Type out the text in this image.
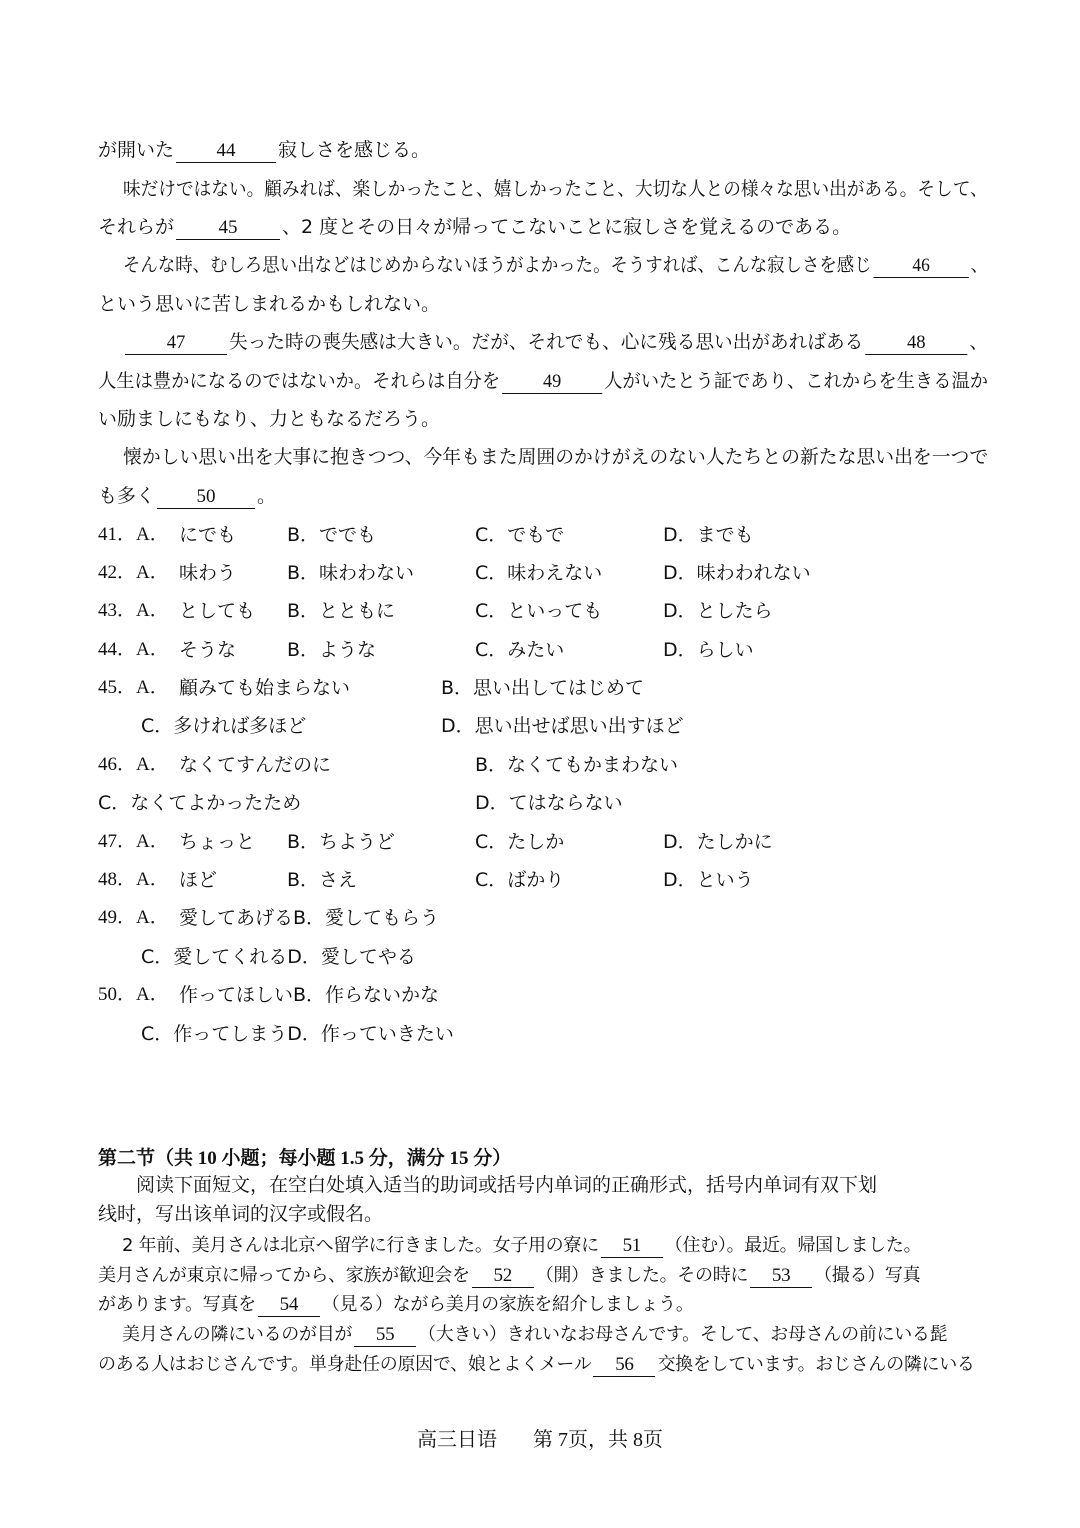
が開いた 44 寂しさを感じる。
味だけではない。顧みれば、楽しかったこと、嬉しかったこと、大切な人との様々な思い出がある。そして、
それらが 45 、2 度とその日々が帰ってこないことに寂しさを覚えるのである。
そんな時、むしろ思い出などはじめからないほうがよかった。そうすれば、こんな寂しさを感じ 46 、
という思いに苦しまれるかもしれない。
47 失った時の喪失感は大きい。だが、それでも、心に残る思い出があればある 48 、
人生は豊かになるのではないか。それらは自分を 49 人がいたとう証であり、これからを生きる温か
い励ましにもなり、力ともなるだろう。
懐かしい思い出を大事に抱きつつ、今年もまた周囲のかけがえのない人たちとの新たな思い出を一つで
も多く 50 。
41．A． にでも	B．ででも	C．でもで	D．までも
42．A． 味わう	B．味わわない	C．味わえない	D．味わわれない
43．A． としても B．とともに	C．といっても	D．としたら
44．A． そうな	B．ような	C．みたい	D．らしい
45．A． 顧みても始まらない	B．思い出してはじめて
C．多ければ多ほど	D．思い出せば思い出すほど
46．A． なくてすんだのに	B．なくてもかまわない
C．なくてよかったため	D．てはならない
47．A． ちょっと B．ちようど	C．たしか	D．たしかに
48．A． ほど	B．さえ	C．ばかり	D．という
49．A． 愛してあげるB．愛してもらう
C．愛してくれるD．愛してやる
50．A． 作ってほしいB．作らないかな
C．作ってしまうD．作っていきたい
第二节（共 10 小题；每小题 1.5 分，满分 15 分）
阅读下面短文，在空白处填入适当的助词或括号内单词的正确形式，括号内单词有双下划
线时，写出该单词的汉字或假名。
2 年前、美月さんは北京へ留学に行きました。女子用の寮に 51 （住む）。最近。帰国しました。
美月さんが東京に帰ってから、家族が歓迎会を 52 （開）きました。その時に 53 （撮る）写真
があります。写真を 54 （見る）ながら美月の家族を紹介しましょう。
美月さんの隣にいるのが目が 55 （大きい）きれいなお母さんです。そして、お母さんの前にいる髭
のある人はおじさんです。単身赴任の原因で、娘とよくメール 56 交換をしています。おじさんの隣にいる
高三日语 第 7页，共 8页
